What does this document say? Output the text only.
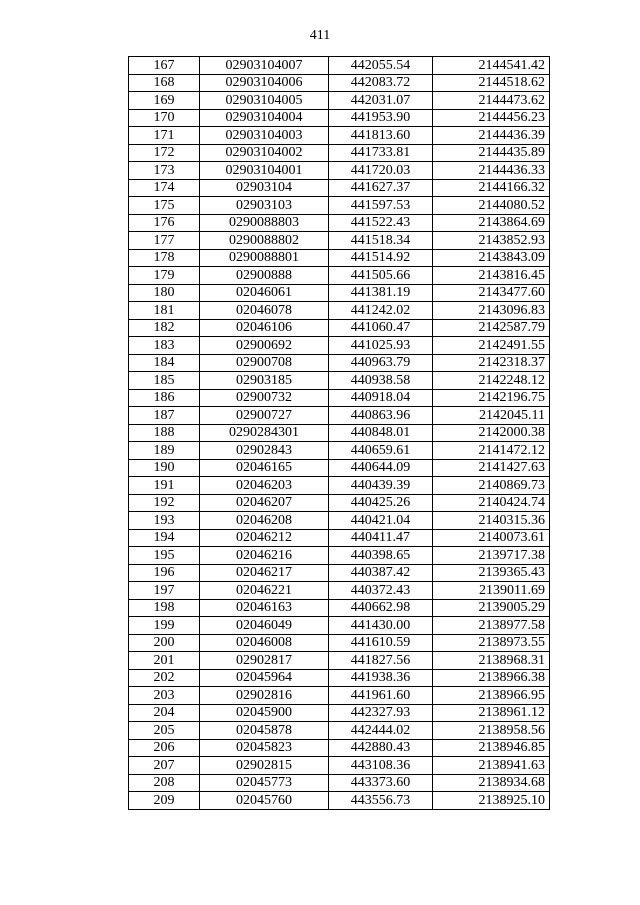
411
167	02903104007	442055.54	2144541.42
168	02903104006	442083.72	2144518.62
169	02903104005	442031.07	2144473.62
170	02903104004	441953.90	2144456.23
171	02903104003	441813.60	2144436.39
172	02903104002	441733.81	2144435.89
173	02903104001	441720.03	2144436.33
174	02903104	441627.37	2144166.32
175	02903103	441597.53	2144080.52
176	0290088803	441522.43	2143864.69
177	0290088802	441518.34	2143852.93
178	0290088801	441514.92	2143843.09
179	02900888	441505.66	2143816.45
180	02046061	441381.19	2143477.60
181	02046078	441242.02	2143096.83
182	02046106	441060.47	2142587.79
183	02900692	441025.93	2142491.55
184	02900708	440963.79	2142318.37
185	02903185	440938.58	2142248.12
186	02900732	440918.04	2142196.75
187	02900727	440863.96	2142045.11
188	0290284301	440848.01	2142000.38
189	02902843	440659.61	2141472.12
190	02046165	440644.09	2141427.63
191	02046203	440439.39	2140869.73
192	02046207	440425.26	2140424.74
193	02046208	440421.04	2140315.36
194	02046212	440411.47	2140073.61
195	02046216	440398.65	2139717.38
196	02046217	440387.42	2139365.43
197	02046221	440372.43	2139011.69
198	02046163	440662.98	2139005.29
199	02046049	441430.00	2138977.58
200	02046008	441610.59	2138973.55
201	02902817	441827.56	2138968.31
202	02045964	441938.36	2138966.38
203	02902816	441961.60	2138966.95
204	02045900	442327.93	2138961.12
205	02045878	442444.02	2138958.56
206	02045823	442880.43	2138946.85
207	02902815	443108.36	2138941.63
208	02045773	443373.60	2138934.68
209	02045760	443556.73	2138925.10
